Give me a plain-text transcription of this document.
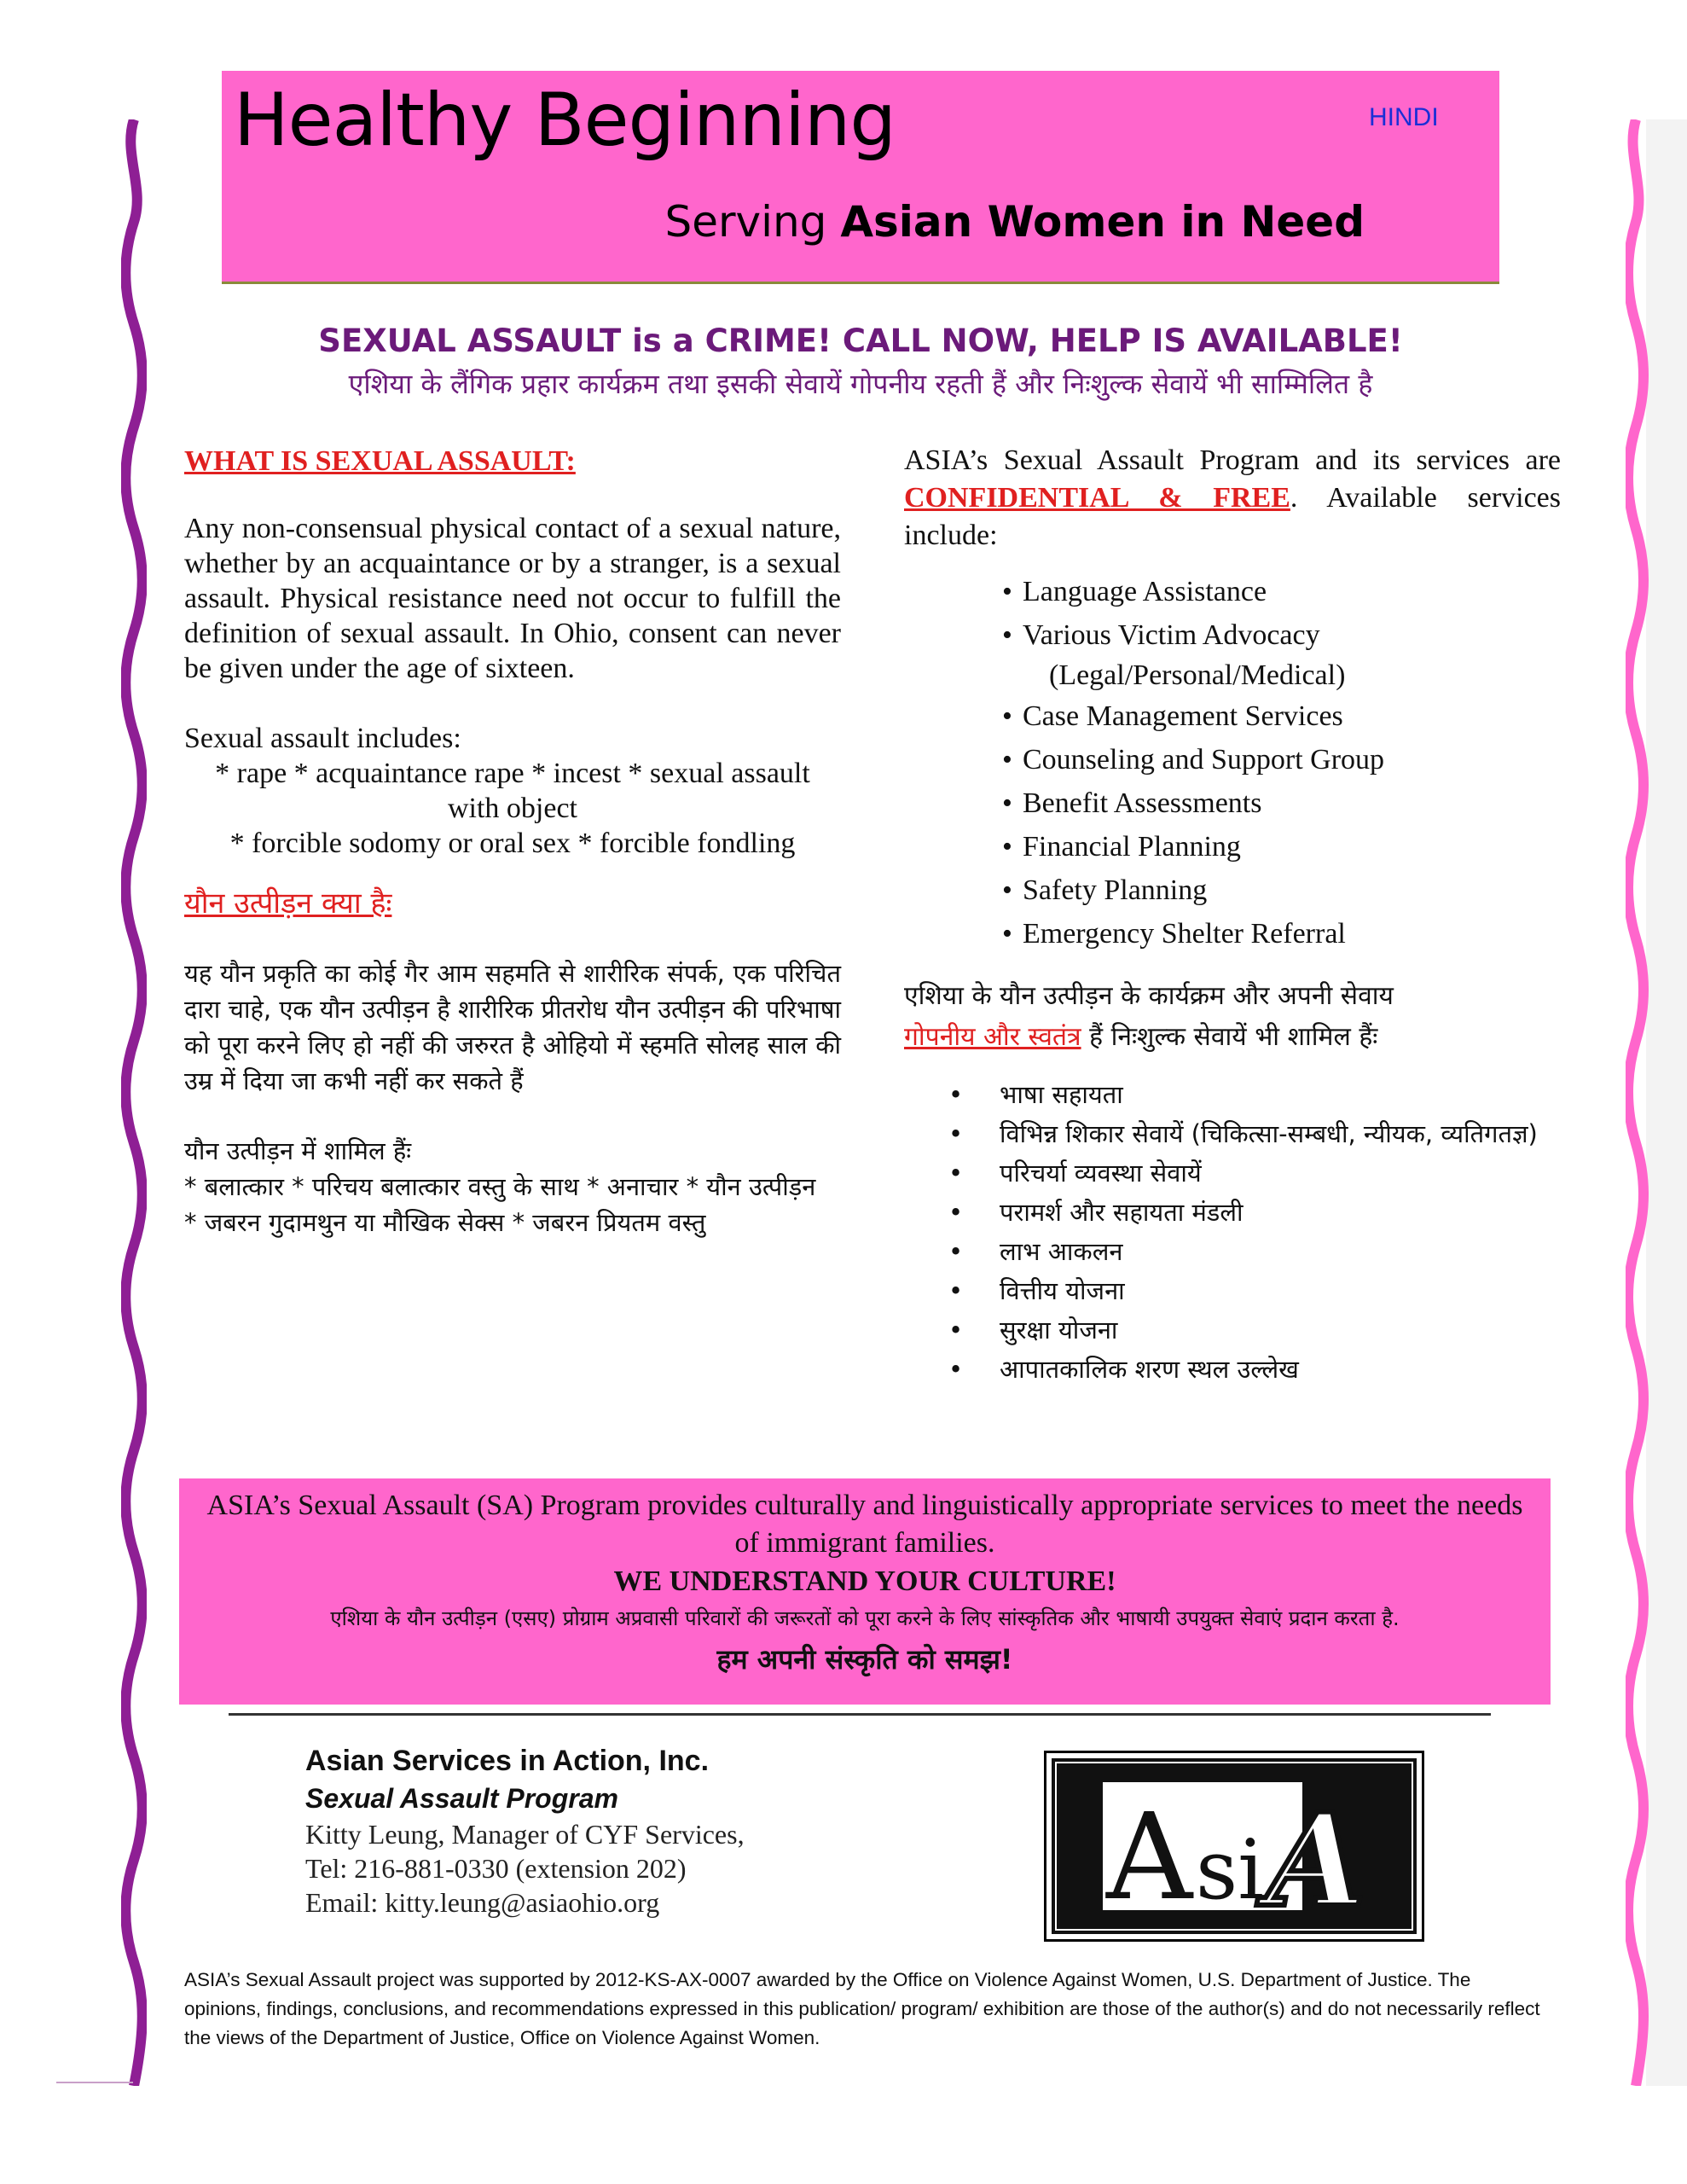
Healthy Beginning	HINDI
Serving Asian Women in Need
SEXUAL ASSAULT is a CRIME! CALL NOW, HELP IS AVAILABLE!
एशिया के लैंगिक प्रहार कार्यक्रम तथा इसकी सेवायें गोपनीय रहती हैं और निःशुल्क सेवायें भी साम्मिलित है
WHAT IS SEXUAL ASSAULT:
Any non-consensual physical contact of a sexual nature, whether by an acquaintance or by a stranger, is a sexual assault. Physical resistance need not occur to fulfill the definition of sexual assault. In Ohio, consent can never be given under the age of sixteen.
Sexual assault includes:
* rape * acquaintance rape * incest * sexual assault with object
* forcible sodomy or oral sex * forcible fondling
यौन उत्पीड़न क्या हैः
यह यौन प्रकृति का कोई गैर आम सहमति से शारीरिक संपर्क, एक परिचित दारा चाहे, एक यौन उत्पीड़न है शारीरिक प्रीतरोध यौन उत्पीड़न की परिभाषा को पूरा करने लिए हो नहीं की जरुरत है ओहियो में स्हमति सोलह साल की उम्र में दिया जा कभी नहीं कर सकते हैं
यौन उत्पीड़न में शामिल हैंः
* बलात्कार * परिचय बलात्कार वस्तु के साथ * अनाचार * यौन उत्पीड़न
* जबरन गुदामथुन या मौखिक सेक्स * जबरन प्रियतम वस्तु
ASIA’s Sexual Assault Program and its services are CONFIDENTIAL & FREE. Available services include:
• Language Assistance
• Various Victim Advocacy
(Legal/Personal/Medical)
• Case Management Services
• Counseling and Support Group
• Benefit Assessments
• Financial Planning
• Safety Planning
• Emergency Shelter Referral
एशिया के यौन उत्पीड़न के कार्यक्रम और अपनी सेवाय
गोपनीय और स्वतंत्र हैं निःशुल्क सेवायें भी शामिल हैंः
•	भाषा सहायता
•	विभिन्न शिकार सेवायें (चिकित्सा-सम्बधी, न्यीयक, व्यतिगतज्ञ)
•	परिचर्या व्यवस्था सेवायें
•	परामर्श और सहायता मंडली
•	लाभ आकलन
•	वित्तीय योजना
•	सुरक्षा योजना
•	आपातकालिक शरण स्थल उल्लेख
ASIA’s Sexual Assault (SA) Program provides culturally and linguistically appropriate services to meet the needs of immigrant families.
WE UNDERSTAND YOUR CULTURE!
एशिया के यौन उत्पीड़न (एसए) प्रोग्राम अप्रवासी परिवारों की जरूरतों को पूरा करने के लिए सांस्कृतिक और भाषायी उपयुक्त सेवाएं प्रदान करता है.
हम अपनी संस्कृति को समझ!
Asian Services in Action, Inc.
Sexual Assault Program
Kitty Leung, Manager of CYF Services,
Tel: 216-881-0330 (extension 202)
Email: kitty.leung@asiaohio.org	A si A
ASIA’s Sexual Assault project was supported by 2012-KS-AX-0007 awarded by the Office on Violence Against Women, U.S. Department of Justice. The opinions, findings, conclusions, and recommendations expressed in this publication/ program/ exhibition are those of the author(s) and do not necessarily reflect the views of the Department of Justice, Office on Violence Against Women.
